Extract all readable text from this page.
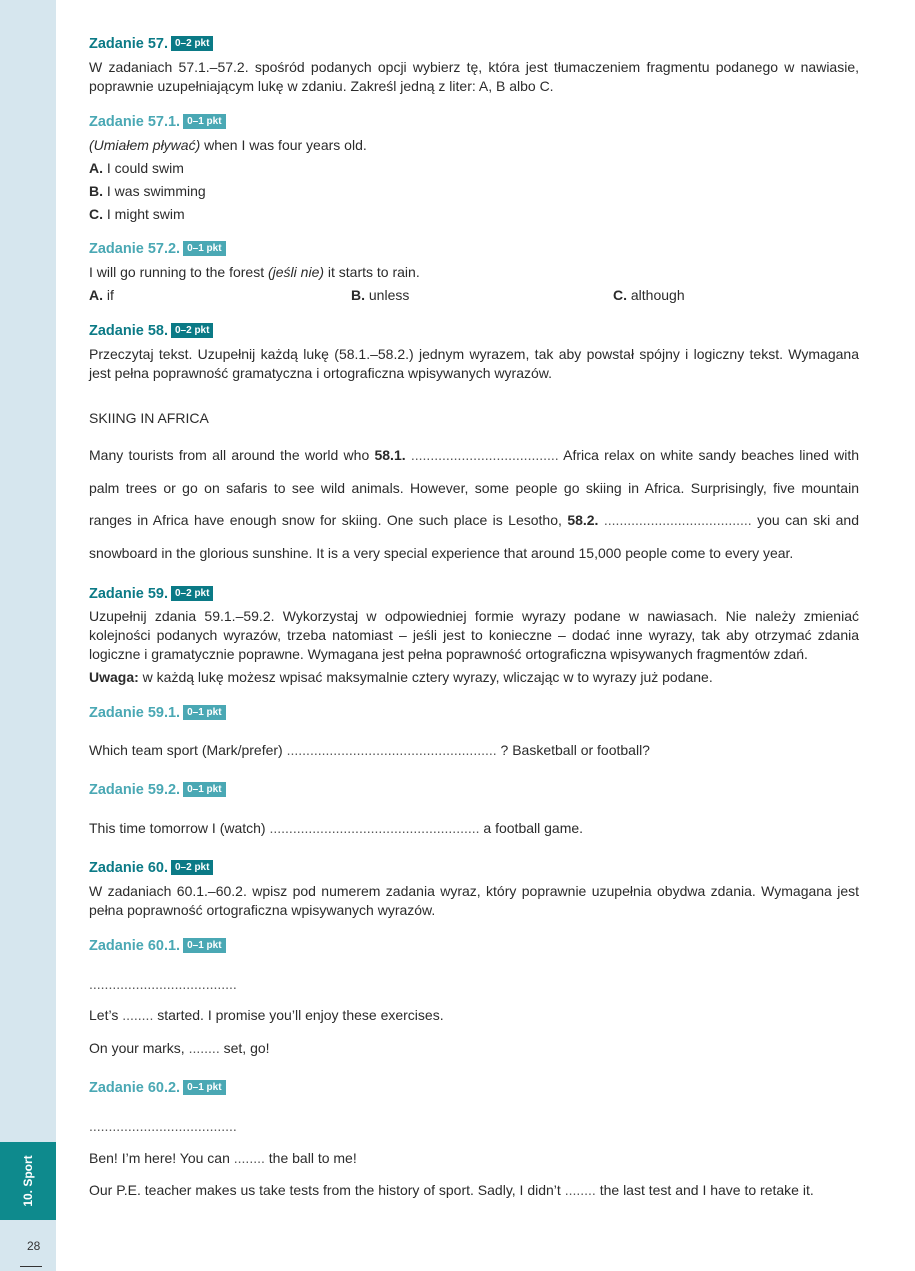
10. Sport
28
Zadanie 57. 0–2 pkt
W zadaniach 57.1.–57.2. spośród podanych opcji wybierz tę, która jest tłumaczeniem fragmentu podanego w nawiasie,
poprawnie uzupełniającym lukę w zdaniu. Zakreśl jedną z liter: A, B albo C.
Zadanie 57.1. 0–1 pkt
(Umiałem pływać) when I was four years old.
A. I could swim
B. I was swimming
C. I might swim
Zadanie 57.2. 0–1 pkt
I will go running to the forest (jeśli nie) it starts to rain.
A. if	B. unless	C. although
Zadanie 58. 0–2 pkt
Przeczytaj tekst. Uzupełnij każdą lukę (58.1.–58.2.) jednym wyrazem, tak aby powstał spójny i logiczny tekst. Wymagana
jest pełna poprawność gramatyczna i ortograficzna wpisywanych wyrazów.
SKIING IN AFRICA
Many tourists from all around the world who 58.1. ...................................... Africa relax on white sandy beaches lined with
palm trees or go on safaris to see wild animals. However, some people go skiing in Africa. Surprisingly, five mountain
ranges in Africa have enough snow for skiing. One such place is Lesotho, 58.2. ...................................... you can ski and
snowboard in the glorious sunshine. It is a very special experience that around 15,000 people come to every year.
Zadanie 59. 0–2 pkt
Uzupełnij zdania 59.1.–59.2. Wykorzystaj w odpowiedniej formie wyrazy podane w nawiasach. Nie należy zmieniać
kolejności podanych wyrazów, trzeba natomiast – jeśli jest to konieczne – dodać inne wyrazy, tak aby otrzymać zdania
logiczne i gramatycznie poprawne. Wymagana jest pełna poprawność ortograficzna wpisywanych fragmentów zdań.
Uwaga: w każdą lukę możesz wpisać maksymalnie cztery wyrazy, wliczając w to wyrazy już podane.
Zadanie 59.1. 0–1 pkt
Which team sport (Mark/prefer) ...................................................... ? Basketball or football?
Zadanie 59.2. 0–1 pkt
This time tomorrow I (watch) ...................................................... a football game.
Zadanie 60. 0–2 pkt
W zadaniach 60.1.–60.2. wpisz pod numerem zadania wyraz, który poprawnie uzupełnia obydwa zdania. Wymagana jest
pełna poprawność ortograficzna wpisywanych wyrazów.
Zadanie 60.1. 0–1 pkt
......................................
Let’s ........ started. I promise you’ll enjoy these exercises.
On your marks, ........ set, go!
Zadanie 60.2. 0–1 pkt
......................................
Ben! I’m here! You can ........ the ball to me!
Our P.E. teacher makes us take tests from the history of sport. Sadly, I didn’t ........ the last test and I have to retake it.
